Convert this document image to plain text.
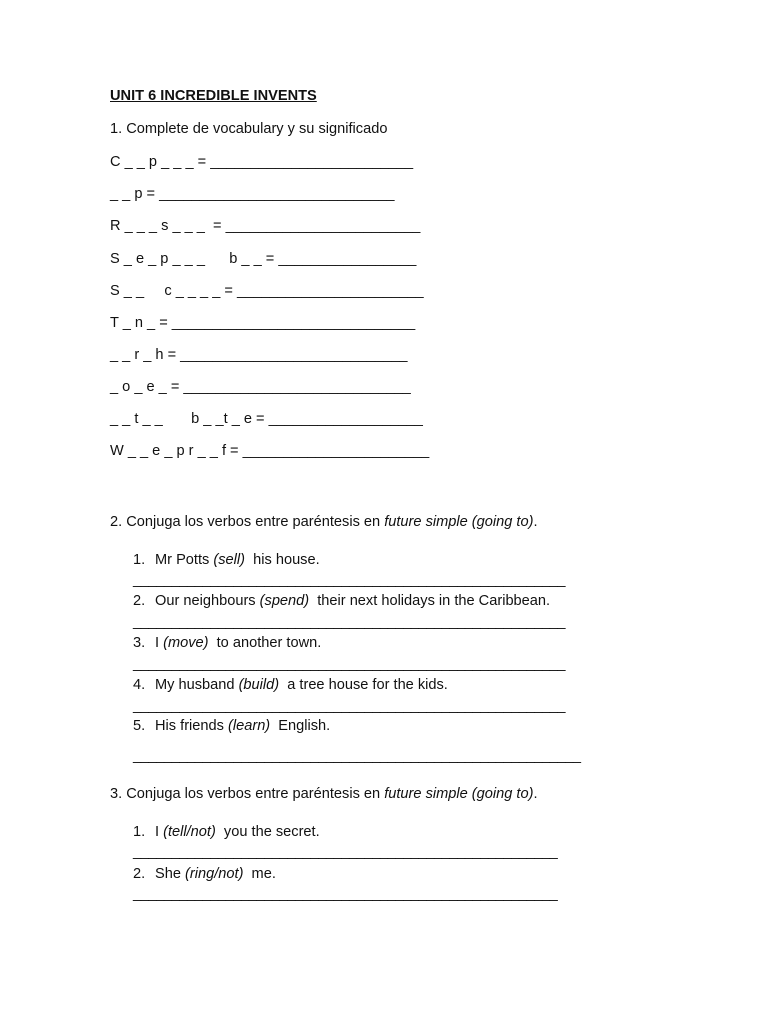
UNIT 6 INCREDIBLE INVENTS
1. Complete de vocabulary y su significado
C _ _ p _ _ _ = _________________________
_ _ p = _____________________________
R _ _ _ s _ _ _  = ________________________
S _ e _ p _ _ _      b _ _ = _________________
S _ _     c _ _ _ _ = _______________________
T _ n _ = ______________________________
_ _ r _ h = ____________________________
_ o _ e _ = ____________________________
_ _ t _ _       b _ _t _ e = ___________________
W _ _ e _ p r _ _ f = _______________________
2. Conjuga los verbos entre paréntesis en future simple (going to).
1. Mr Potts (sell)  his house.
________________________________________________________
2. Our neighbours (spend)  their next holidays in the Caribbean.
________________________________________________________
3. I (move)  to another town.
________________________________________________________
4. My husband (build)  a tree house for the kids.
________________________________________________________
5. His friends (learn)  English.
__________________________________________________________
3. Conjuga los verbos entre paréntesis en future simple (going to).
1. I (tell/not)  you the secret.
_______________________________________________________
2. She (ring/not)  me.
_______________________________________________________
